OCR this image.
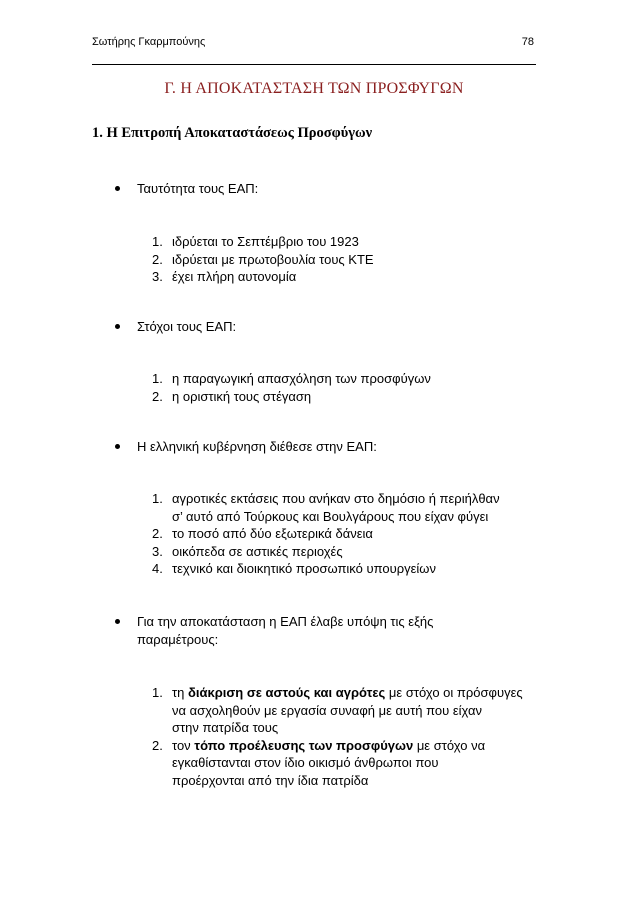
Σωτήρης Γκαρμπούνης	78
Γ. Η ΑΠΟΚΑΤΑΣΤΑΣΗ ΤΩΝ ΠΡΟΣΦΥΓΩΝ
1. Η Επιτροπή Αποκαταστάσεως Προσφύγων
Ταυτότητα τους ΕΑΠ:
1. ιδρύεται το Σεπτέμβριο του 1923
2. ιδρύεται με πρωτοβουλία τους ΚΤΕ
3. έχει πλήρη αυτονομία
Στόχοι τους ΕΑΠ:
1. η παραγωγική απασχόληση των προσφύγων
2. η οριστική τους στέγαση
Η ελληνική κυβέρνηση διέθεσε στην ΕΑΠ:
1. αγροτικές εκτάσεις που ανήκαν στο δημόσιο ή περιήλθαν
σ’ αυτό από Τούρκους και Βουλγάρους που είχαν φύγει
2. το ποσό από δύο εξωτερικά δάνεια
3. οικόπεδα σε αστικές περιοχές
4. τεχνικό και διοικητικό προσωπικό υπουργείων
Για την αποκατάσταση η ΕΑΠ έλαβε υπόψη τις εξής
παραμέτρους:
1. τη διάκριση σε αστούς και αγρότες με στόχο οι πρόσφυγες
να ασχοληθούν με εργασία συναφή με αυτή που είχαν
στην πατρίδα τους
2. τον τόπο προέλευσης των προσφύγων με στόχο να
εγκαθίστανται στον ίδιο οικισμό άνθρωποι που
προέρχονται από την ίδια πατρίδα
